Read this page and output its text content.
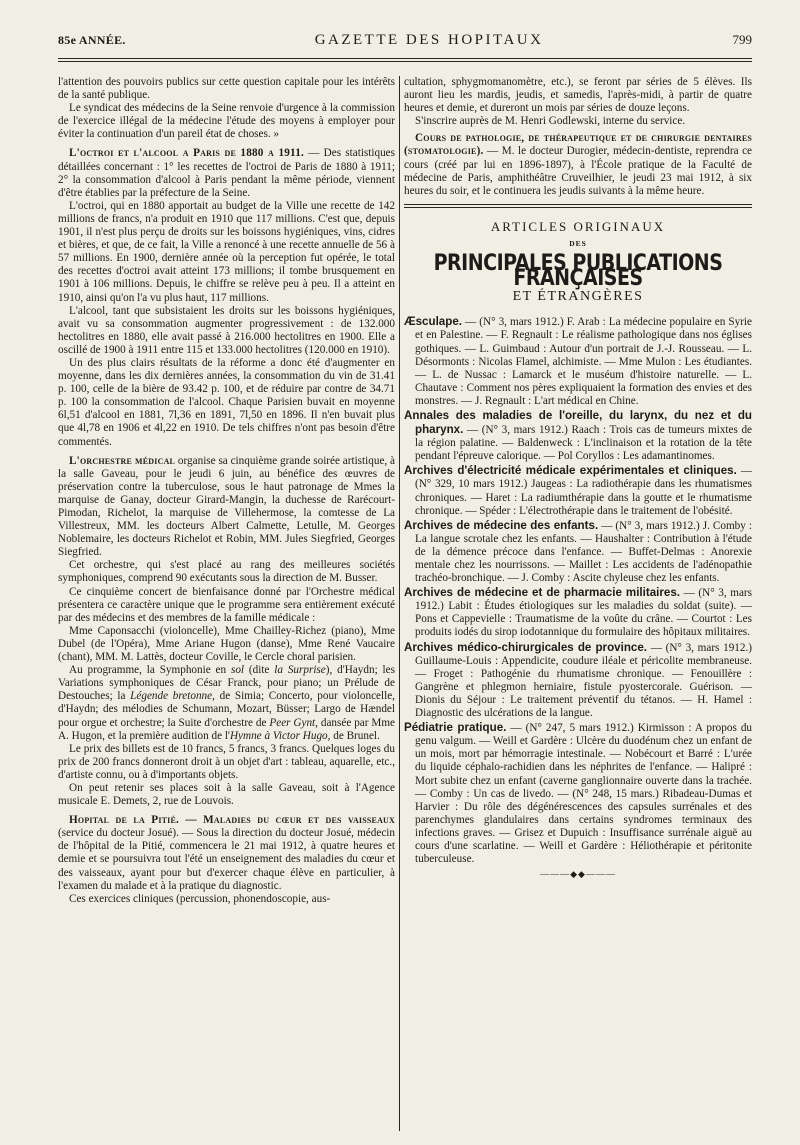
85e ANNÉE.	GAZETTE DES HOPITAUX	799

l'attention des pouvoirs publics sur cette question capitale pour les intérêts de la santé publique.

Le syndicat des médecins de la Seine renvoie d'urgence à la commission de l'exercice illégal de la médecine l'étude des moyens à employer pour éviter la continuation d'un pareil état de choses. »

L'octroi et l'alcool a Paris de 1880 a 1911. — Des statistiques détaillées concernant : 1° les recettes de l'octroi de Paris de 1880 à 1911; 2° la consommation d'alcool à Paris pendant la même période, viennent d'être établies par la préfecture de la Seine.

L'octroi, qui en 1880 apportait au budget de la Ville une recette de 142 millions de francs, n'a produit en 1910 que 117 millions. C'est que, depuis 1901, il n'est plus perçu de droits sur les boissons hygiéniques, vins, cidres et bières, et que, de ce fait, la Ville a renoncé à une recette annuelle de 56 à 57 millions. En 1900, dernière année où la perception fut opérée, le total des recettes d'octroi avait atteint 173 millions; il tombe brusquement en 1901 à 106 millions. Depuis, le chiffre se relève peu à peu. Il a atteint en 1910, ainsi qu'on l'a vu plus haut, 117 millions.

L'alcool, tant que subsistaient les droits sur les boissons hygiéniques, avait vu sa consommation augmenter progressivement : de 132.000 hectolitres en 1880, elle avait passé à 216.000 hectolitres en 1900. Elle a oscillé de 1900 à 1911 entre 115 et 133.000 hectolitres (120.000 en 1910).

Un des plus clairs résultats de la réforme a donc été d'augmenter en moyenne, dans les dix dernières années, la consommation du vin de 31.41 p. 100, celle de la bière de 93.42 p. 100, et de réduire par contre de 34.71 p. 100 la consommation de l'alcool. Chaque Parisien buvait en moyenne 6l,51 d'alcool en 1881, 7l,36 en 1891, 7l,50 en 1896. Il n'en buvait plus que 4l,78 en 1906 et 4l,22 en 1910. De tels chiffres n'ont pas besoin d'être commentés.

L'orchestre médical organise sa cinquième grande soirée artistique, à la salle Gaveau, pour le jeudi 6 juin, au bénéfice des œuvres de préservation contre la tuberculose, sous le haut patronage de Mmes la marquise de Ganay, docteur Girard-Mangin, la duchesse de Rarécourt-Pimodan, Richelot, la marquise de Villehermose, la comtesse de La Villestreux, MM. les docteurs Albert Calmette, Letulle, M. Georges Noblemaire, les docteurs Richelot et Robin, MM. Jules Siegfried, Georges Siegfried.

Cet orchestre, qui s'est placé au rang des meilleures sociétés symphoniques, comprend 90 exécutants sous la direction de M. Busser.

Ce cinquième concert de bienfaisance donné par l'Orchestre médical présentera ce caractère unique que le programme sera entièrement exécuté par des médecins et des membres de la famille médicale :

Mme Caponsacchi (violoncelle), Mme Chailley-Richez (piano), Mme Dubel (de l'Opéra), Mme Ariane Hugon (danse), Mme René Vaucaire (chant), MM. M. Lattès, docteur Coville, le Cercle choral parisien.

Au programme, la Symphonie en sol (dite la Surprise), d'Haydn; les Variations symphoniques de César Franck, pour piano; un Prélude de Destouches; la Légende bretonne, de Simia; Concerto, pour violoncelle, d'Haydn; des mélodies de Schumann, Mozart, Büsser; Largo de Hændel pour orgue et orchestre; la Suite d'orchestre de Peer Gynt, dansée par Mme A. Hugon, et la première audition de l'Hymne à Victor Hugo, de Brunel.

Le prix des billets est de 10 francs, 5 francs, 3 francs. Quelques loges du prix de 200 francs donneront droit à un objet d'art : tableau, aquarelle, etc., d'artiste connu, ou à d'importants objets.

On peut retenir ses places soit à la salle Gaveau, soit à l'Agence musicale E. Demets, 2, rue de Louvois.

Hopital de la Pitié. — Maladies du cœur et des vaisseaux (service du docteur Josué). — Sous la direction du docteur Josué, médecin de l'hôpital de la Pitié, commencera le 21 mai 1912, à quatre heures et demie et se poursuivra tout l'été un enseignement des maladies du cœur et des vaisseaux, ayant pour but d'exercer chaque élève en particulier, à l'examen du malade et à la pratique du diagnostic.

Ces exercices cliniques (percussion, phonendoscopie, aus-

cultation, sphygmomanomètre, etc.), se feront par séries de 5 élèves. Ils auront lieu les mardis, jeudis, et samedis, l'après-midi, à partir de quatre heures et demie, et dureront un mois par séries de douze leçons.

S'inscrire auprès de M. Henri Godlewski, interne du service.

Cours de pathologie, de thérapeutique et de chirurgie dentaires (stomatologie). — M. le docteur Durogier, médecin-dentiste, reprendra ce cours (créé par lui en 1896-1897), à l'École pratique de la Faculté de médecine de Paris, amphithéâtre Cruveilhier, le jeudi 23 mai 1912, à six heures du soir, et le continuera les jeudis suivants à la même heure.

ARTICLES ORIGINAUX
DES
PRINCIPALES PUBLICATIONS FRANÇAISES
ET ÉTRANGÈRES

Æsculape. — (N° 3, mars 1912.) F. Arab : La médecine populaire en Syrie et en Palestine. — F. Regnault : Le réalisme pathologique dans nos églises gothiques. — L. Guimbaud : Autour d'un portrait de J.-J. Rousseau. — L. Désormonts : Nicolas Flamel, alchimiste. — Mme Mulon : Les étudiantes. — L. de Nussac : Lamarck et le muséum d'histoire naturelle. — L. Chautave : Comment nos pères expliquaient la formation des envies et des monstres. — J. Regnault : L'art médical en Chine.

Annales des maladies de l'oreille, du larynx, du nez et du pharynx. — (N° 3, mars 1912.) Raach : Trois cas de tumeurs mixtes de la région palatine. — Baldenweck : L'inclinaison et la rotation de la tête pendant l'épreuve calorique. — Pol Coryllos : Les adamantinomes.

Archives d'électricité médicale expérimentales et cliniques. — (N° 329, 10 mars 1912.) Jaugeas : La radiothérapie dans les rhumatismes chroniques. — Haret : La radiumthérapie dans la goutte et le rhumatisme chronique. — Spéder : L'électrothérapie dans le traitement de l'obésité.

Archives de médecine des enfants. — (N° 3, mars 1912.) J. Comby : La langue scrotale chez les enfants. — Haushalter : Contribution à l'étude de la démence précoce dans l'enfance. — Buffet-Delmas : Anorexie mentale chez les nourrissons. — Maillet : Les accidents de l'adénopathie trachéo-bronchique. — J. Comby : Ascite chyleuse chez les enfants.

Archives de médecine et de pharmacie militaires. — (N° 3, mars 1912.) Labit : Études étiologiques sur les maladies du soldat (suite). — Pons et Cappevielle : Traumatisme de la voûte du crâne. — Courtot : Les produits iodés du sirop iodotannique du formulaire des hôpitaux militaires.

Archives médico-chirurgicales de province. — (N° 3, mars 1912.) Guillaume-Louis : Appendicite, coudure iléale et péricolite membraneuse. — Froget : Pathogénie du rhumatisme chronique. — Fenouillère : Gangrène et phlegmon herniaire, fistule pyostercorale. Guérison. — Dionis du Séjour : Le traitement préventif du tétanos. — H. Hamel : Diagnostic des ulcérations de la langue.

Pédiatrie pratique. — (N° 247, 5 mars 1912.) Kirmisson : A propos du genu valgum. — Weill et Gardère : Ulcère du duodénum chez un enfant de un mois, mort par hémorragie intestinale. — Nobécourt et Barré : L'urée du liquide céphalo-rachidien dans les néphrites de l'enfance. — Halipré : Mort subite chez un enfant (caverne ganglionnaire ouverte dans la trachée. — Comby : Un cas de livedo. — (N° 248, 15 mars.) Ribadeau-Dumas et Harvier : Du rôle des dégénérescences des capsules surrénales et des parenchymes glandulaires dans certains syndromes terminaux des infections graves. — Grisez et Dupuich : Insuffisance surrénale aiguë au cours d'une scarlatine. — Weill et Gardère : Héliothérapie et péritonite tuberculeuse.

———◆◆———
